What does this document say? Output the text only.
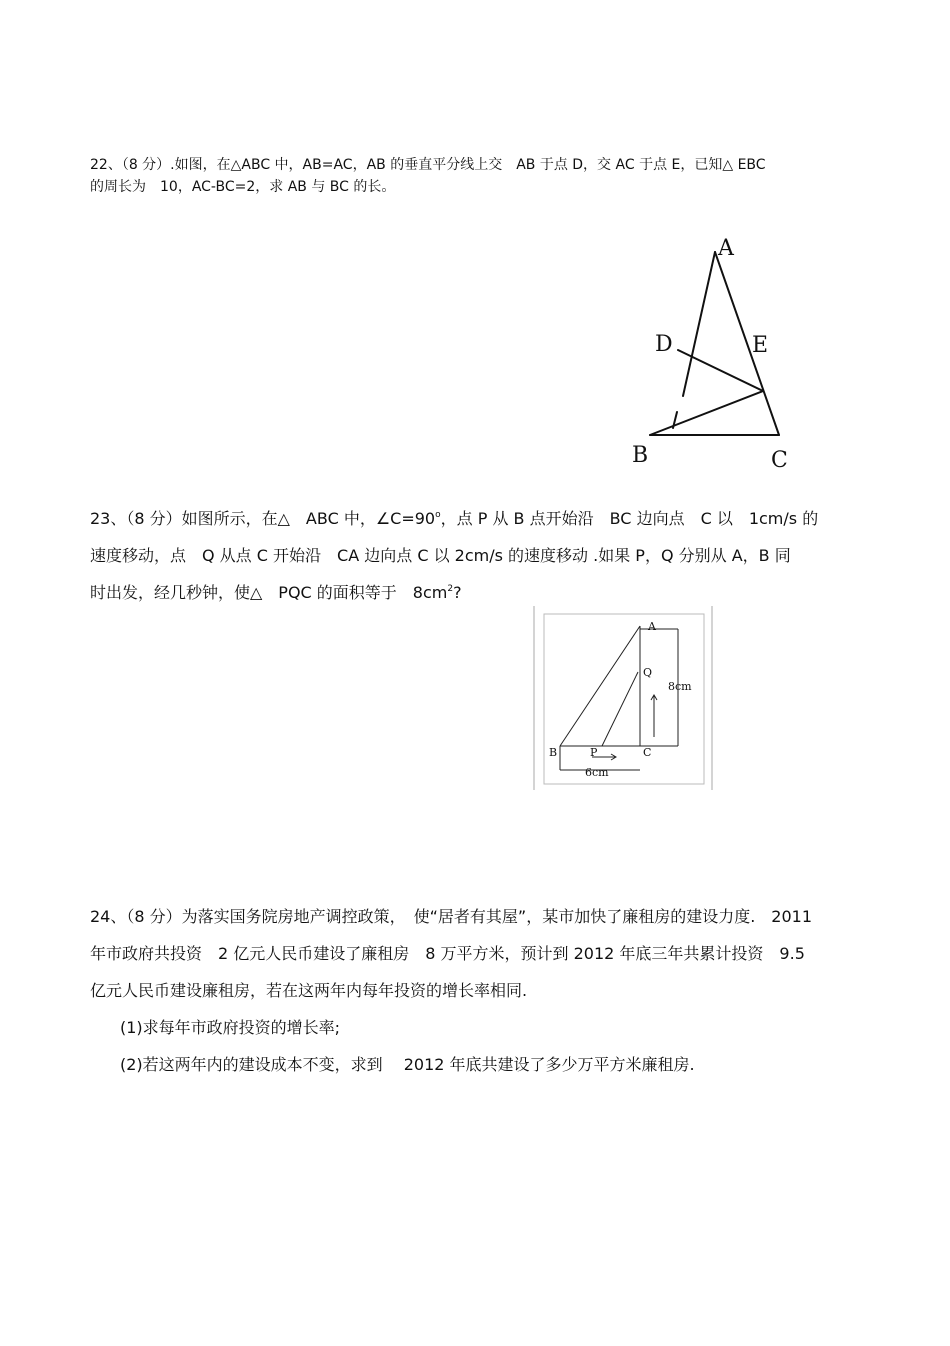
22、（8 分）.如图，在△ABC 中，AB=AC，AB 的垂直平分线上交　AB 于点 D，交 AC 于点 E，已知△ EBC
的周长为　10，AC-BC=2，求 AB 与 BC 的长。
A
D	E
B	C
23、（8 分）如图所示，在△　ABC 中，$\angle C=90^o$，点 P 从 B 点开始沿　BC 边向点　C 以　1cm/s 的
速度移动，点　Q 从点 C 开始沿　CA 边向点 C 以 2cm/s 的速度移动 .如果 P，Q 分别从 A，B 同
时出发，经几秒钟，使△　PQC 的面积等于　$8cm^2$?
A
Q
8cm
B	P	C
6cm
24、（8 分）为落实国务院房地产调控政策，　使“居者有其屋”，某市加快了廉租房的建设力度.　2011
年市政府共投资　2 亿元人民币建设了廉租房　8 万平方米，预计到 2012 年底三年共累计投资　9.5
亿元人民币建设廉租房，若在这两年内每年投资的增长率相同.
(1)求每年市政府投资的增长率;
(2)若这两年内的建设成本不变，求到　 2012 年底共建设了多少万平方米廉租房.
